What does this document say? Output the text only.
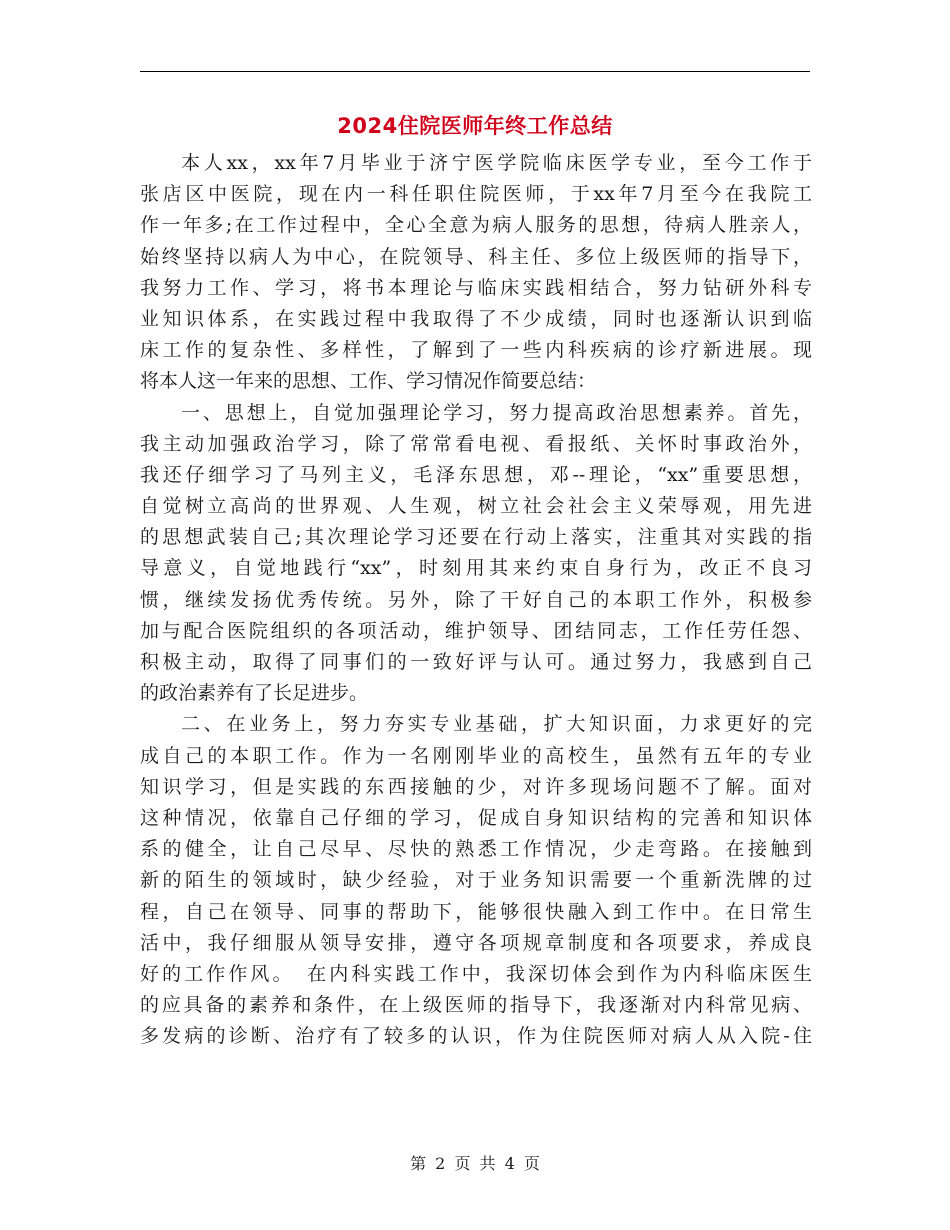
2024住院医师年终工作总结
本人xx，xx年7月毕业于济宁医学院临床医学专业，至今工作于
张店区中医院，现在内一科任职住院医师，于xx年7月至今在我院工
作一年多;在工作过程中，全心全意为病人服务的思想，待病人胜亲人，
始终坚持以病人为中心，在院领导、科主任、多位上级医师的指导下，
我努力工作、学习，将书本理论与临床实践相结合，努力钻研外科专
业知识体系，在实践过程中我取得了不少成绩，同时也逐渐认识到临
床工作的复杂性、多样性，了解到了一些内科疾病的诊疗新进展。现
将本人这一年来的思想、工作、学习情况作简要总结：
一、思想上，自觉加强理论学习，努力提高政治思想素养。首先，
我主动加强政治学习，除了常常看电视、看报纸、关怀时事政治外，
我还仔细学习了马列主义，毛泽东思想，邓--理论，“xx”重要思想，
自觉树立高尚的世界观、人生观，树立社会社会主义荣辱观，用先进
的思想武装自己;其次理论学习还要在行动上落实，注重其对实践的指
导意义，自觉地践行“xx”，时刻用其来约束自身行为，改正不良习
惯，继续发扬优秀传统。另外，除了干好自己的本职工作外，积极参
加与配合医院组织的各项活动，维护领导、团结同志，工作任劳任怨、
积极主动，取得了同事们的一致好评与认可。通过努力，我感到自己
的政治素养有了长足进步。
二、在业务上，努力夯实专业基础，扩大知识面，力求更好的完
成自己的本职工作。作为一名刚刚毕业的高校生，虽然有五年的专业
知识学习，但是实践的东西接触的少，对许多现场问题不了解。面对
这种情况，依靠自己仔细的学习，促成自身知识结构的完善和知识体
系的健全，让自己尽早、尽快的熟悉工作情况，少走弯路。在接触到
新的陌生的领域时，缺少经验，对于业务知识需要一个重新洗牌的过
程，自己在领导、同事的帮助下，能够很快融入到工作中。在日常生
活中，我仔细服从领导安排，遵守各项规章制度和各项要求，养成良
好的工作作风。　在内科实践工作中，我深切体会到作为内科临床医生
的应具备的素养和条件，在上级医师的指导下，我逐渐对内科常见病、
多发病的诊断、治疗有了较多的认识，作为住院医师对病人从入院-住
第 2 页 共 4 页
